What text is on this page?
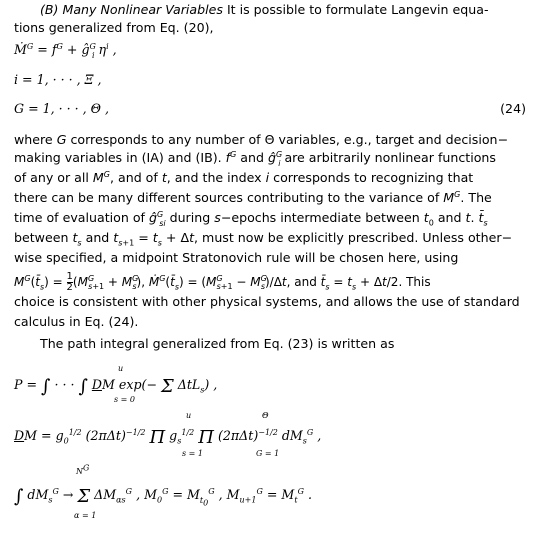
(B) Many Nonlinear Variables It is possible to formulate Langevin equa-
tions generalized from Eq. (20),
Ṁ$^G$ = $f^G$ + $ĝ^G_i$ $\eta^i$ ,
i = 1, · · · , Ξ ,
G = 1, · · · , Θ ,	(24)
where G corresponds to any number of Θ variables, e.g., target and decision−
making variables in (IA) and (IB). $f^G$ and $ĝ^G_i$ are arbitrarily nonlinear functions
of any or all $M^G$, and of t, and the index i corresponds to recognizing that
there can be many different sources contributing to the variance of $M^G$. The
time of evaluation of $ĝ^G_{si}$ during s−epochs intermediate between $t_0$ and t. $t̄_s$
between $t_s$ and $t_{s+1} = t_s + \Delta t$, must now be explicitly prescribed. Unless other−
wise specified, a midpoint Stratonovich rule will be chosen here, using
$M^G(t̄_s) = \frac{1}{2} (M^G_{s+1} + M^G_s)$, $Ṁ^G(t̄_s) = (M^G_{s+1} - M^G_s)/\Delta t$, and $t̄_s = t_s + \Delta t/2$. This
choice is consistent with other physical systems, and allows the use of standard
calculus in Eq. (24).
The path integral generalized from Eq. (23) is written as
u
P = ∫ · · · ∫ DM exp(− Σ ΔtL$_s$) ,
s = 0
u	Θ
DM = $g_0^{1/2}$ $(2\pi\Delta t)^{-1/2}$ Π $g_s^{1/2}$ Π $(2\pi\Delta t)^{-1/2}$ $dM_s^G$ ,
s = 1	G = 1
$N^G$
∫ $dM_s^G \to \Sigma$ $\Delta M_{\alpha s}^G$ , $M_0^G = M_{t_0}^G$ , $M_{u+1}^G = M_t^G$ .
α = 1
